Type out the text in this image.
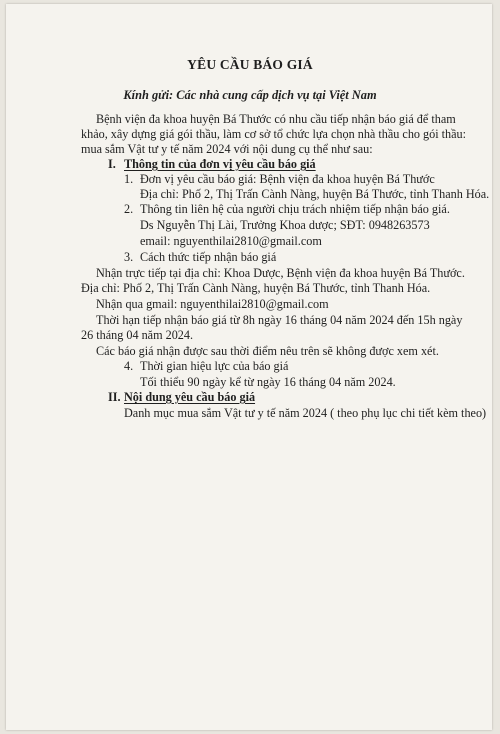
YÊU CẦU BÁO GIÁ
Kính gửi: Các nhà cung cấp dịch vụ tại Việt Nam
Bệnh viện đa khoa huyện Bá Thước có nhu cầu tiếp nhận báo giá để tham
khảo, xây dựng giá gói thầu, làm cơ sở tổ chức lựa chọn nhà thầu cho gói thầu:
mua sắm Vật tư y tế năm 2024 với nội dung cụ thể như sau:
I. Thông tin của đơn vị yêu cầu báo giá
1. Đơn vị yêu cầu báo giá: Bệnh viện đa khoa huyện Bá Thước
Địa chỉ: Phố 2, Thị Trấn Cành Nàng, huyện Bá Thước, tỉnh Thanh Hóa.
2. Thông tin liên hệ của người chịu trách nhiệm tiếp nhận báo giá.
Ds Nguyễn Thị Lài, Trưởng Khoa dược; SĐT: 0948263573
email: nguyenthilai2810@gmail.com
3. Cách thức tiếp nhận báo giá
Nhận trực tiếp tại địa chỉ: Khoa Dược, Bệnh viện đa khoa huyện Bá Thước.
Địa chỉ: Phố 2, Thị Trấn Cành Nàng, huyện Bá Thước, tỉnh Thanh Hóa.
Nhận qua gmail: nguyenthilai2810@gmail.com
Thời hạn tiếp nhận báo giá từ 8h ngày 16 tháng 04 năm 2024 đến 15h ngày
26 tháng 04 năm 2024.
Các báo giá nhận được sau thời điểm nêu trên sẽ không được xem xét.
4. Thời gian hiệu lực của báo giá
Tối thiểu 90 ngày kể từ ngày 16 tháng 04 năm 2024.
II. Nội dung yêu cầu báo giá
Danh mục mua sắm Vật tư y tế năm 2024 ( theo phụ lục chi tiết kèm theo)
